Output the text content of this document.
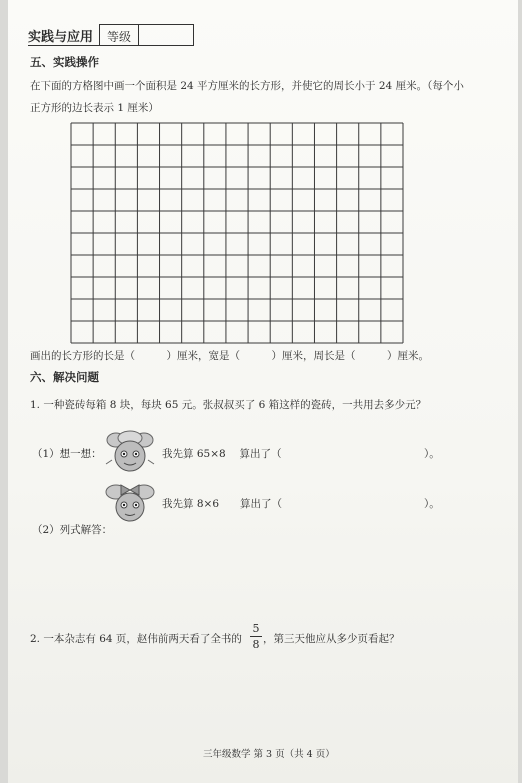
实践与应用	等级
五、实践操作
在下面的方格图中画一个面积是 24 平方厘米的长方形，并使它的周长小于 24 厘米。（每个小
正方形的边长表示 1 厘米）
画出的长方形的长是（　　　）厘米，宽是（　　　）厘米，周长是（　　　）厘米。
六、解决问题
1. 一种瓷砖每箱 8 块，每块 65 元。张叔叔买了 6 箱这样的瓷砖，一共用去多少元？
（1）想一想：	我先算 65×8　 算出了（	）。
我先算 8×6　　算出了（	）。
（2）列式解答：
2. 一本杂志有 64 页，赵伟前两天看了全书的
5
8 ，第三天他应从多少页看起？
三年级数学 第 3 页（共 4 页）
